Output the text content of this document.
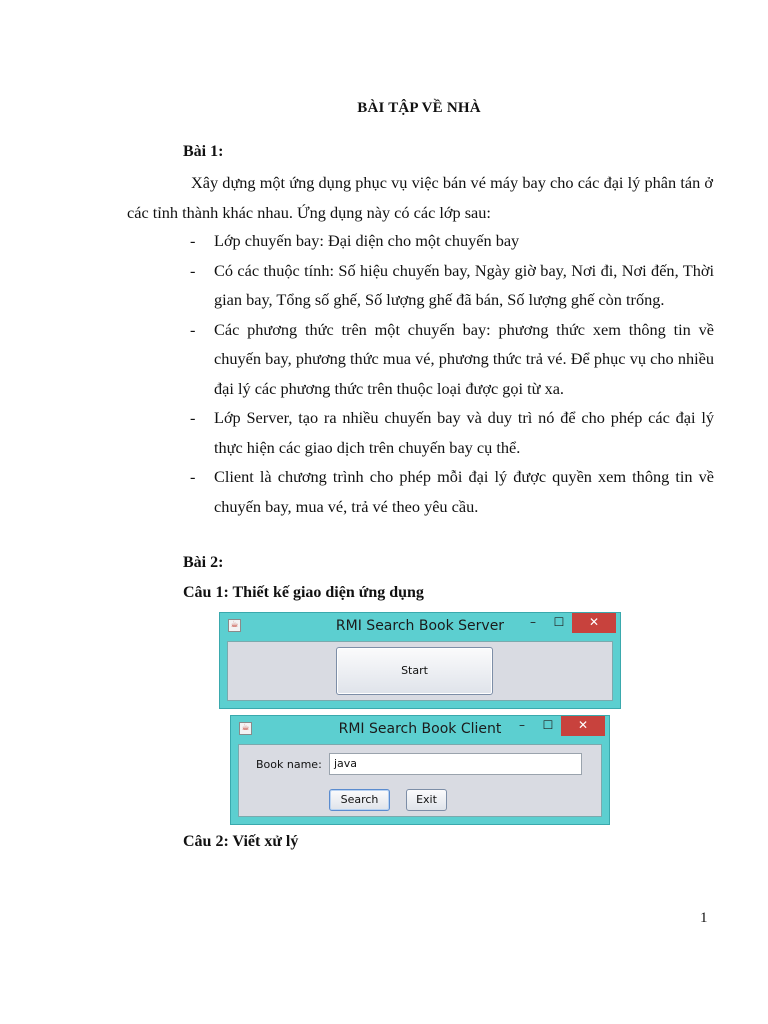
BÀI TẬP VỀ NHÀ
Bài 1:
Xây dựng một ứng dụng phục vụ việc bán vé máy bay cho các đại lý phân tán ở các tỉnh thành khác nhau. Ứng dụng này có các lớp sau:
- Lớp chuyến bay: Đại diện cho một chuyến bay
- Có các thuộc tính: Số hiệu chuyến bay, Ngày giờ bay, Nơi đi, Nơi đến, Thời gian bay, Tổng số ghế, Số lượng ghế đã bán, Số lượng ghế còn trống.
- Các phương thức trên một chuyến bay: phương thức xem thông tin về chuyến bay, phương thức mua vé, phương thức trả vé. Để phục vụ cho nhiều đại lý các phương thức trên thuộc loại được gọi từ xa.
- Lớp Server, tạo ra nhiều chuyến bay và duy trì nó để cho phép các đại lý thực hiện các giao dịch trên chuyến bay cụ thể.
- Client là chương trình cho phép mỗi đại lý được quyền xem thông tin về chuyến bay, mua vé, trả vé theo yêu cầu.
Bài 2:
Câu 1: Thiết kế giao diện ứng dụng
☕	RMI Search Book Server	–	☐	✕
Start
☕	RMI Search Book Client	–	☐	✕
Book name:	java
Search	Exit
Câu 2: Viết xử lý
1
